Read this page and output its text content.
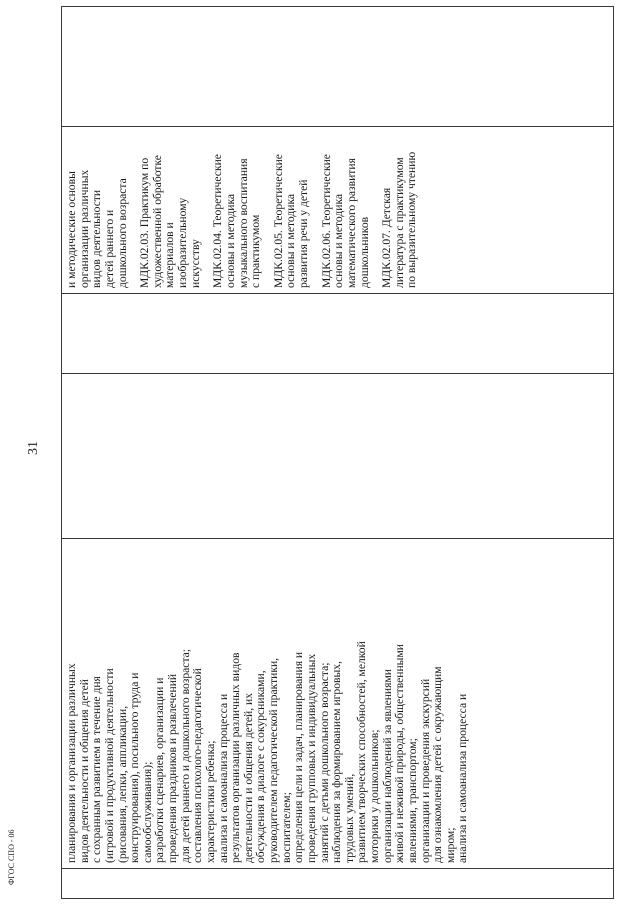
31

планирования и организации различных видов деятельности и общения детей с сохранным развитием в течение дня (игровой и продуктивной деятельности (рисования, лепки, аппликации, конструирования), посильного труда и самообслуживания); разработки сценариев, организации и проведения праздников и развлечений для детей раннего и дошкольного возраста; составления психолого-педагогической характеристики ребенка; анализа и самоанализа процесса и результатов организации различных видов деятельности и общения детей, их обсуждения в диалоге с сокурсниками, руководителем педагогической практики, воспитателем; определения цели и задач, планирования и проведения групповых и индивидуальных занятий с детьми дошкольного возраста; наблюдения за формированием игровых, трудовых умений, развитием творческих способностей, мелкой моторики у дошкольников; организации наблюдений за явлениями живой и неживой природы, общественными явлениями, транспортом; организации и проведения экскурсий для ознакомления детей с окружающим миром; анализа и самоанализа процесса и

и методические основы организации различных видов деятельности детей раннего и дошкольного возраста МДК.02.03. Практикум по художественной обработке материалов и изобразительному искусству МДК.02.04. Теоретические основы и методика музыкального воспитания с практикумом МДК.02.05. Теоретические основы и методика развития речи у детей МДК.02.06. Теоретические основы и методика математического развития дошкольников МДК.02.07. Детская литература с практикумом по выразительному чтению

ФГОС СПО - 06
